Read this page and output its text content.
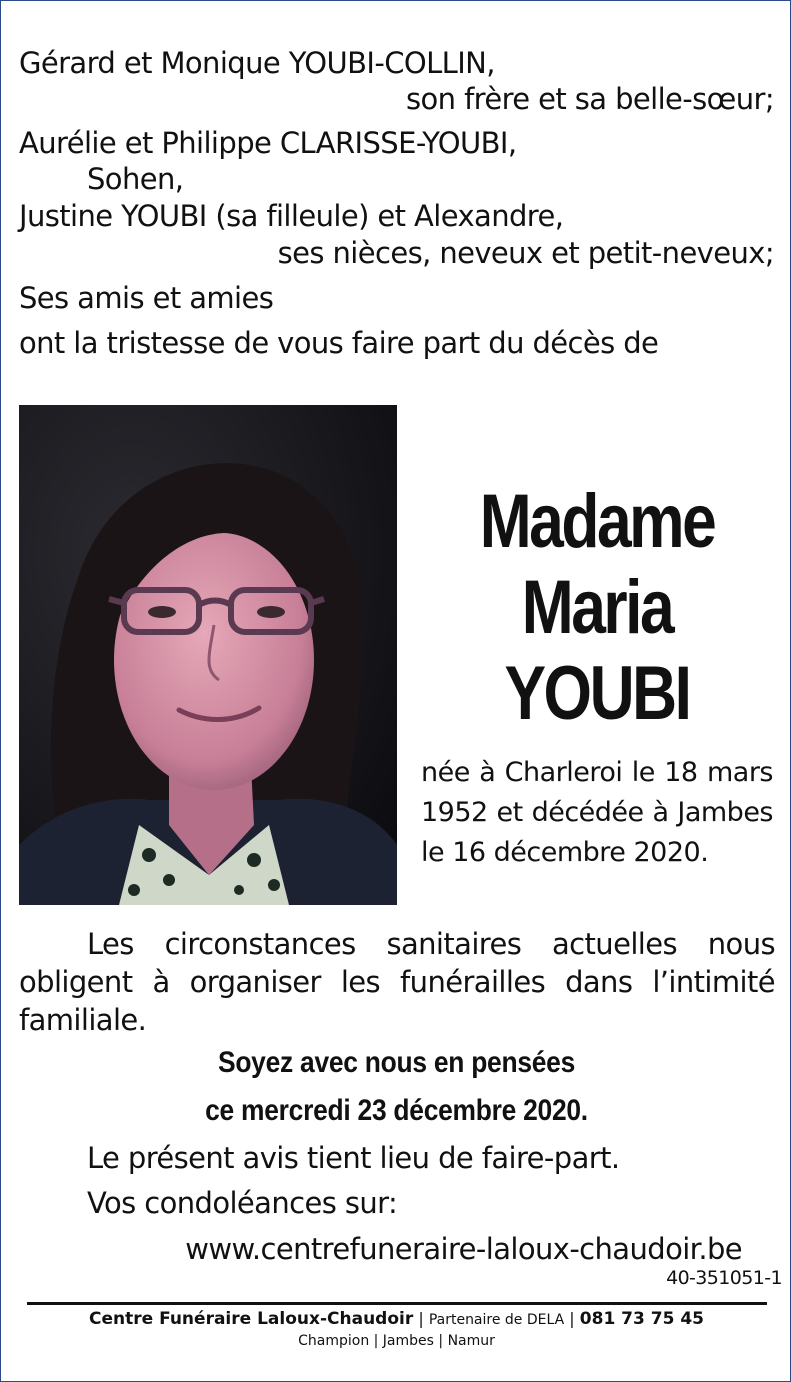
Gérard et Monique YOUBI-COLLIN,
son frère et sa belle-sœur;
Aurélie et Philippe CLARISSE-YOUBI,
Sohen,
Justine YOUBI (sa filleule) et Alexandre,
ses nièces, neveux et petit-neveux;
Ses amis et amies
ont la tristesse de vous faire part du décès de
Madame
Maria
YOUBI
née à Charleroi le 18 mars 1952 et décédée à Jambes le 16 décembre 2020.
Les circonstances sanitaires actuelles nous obligent à organiser les funérailles dans l’intimité familiale.
Soyez avec nous en pensées
ce mercredi 23 décembre 2020.
Le présent avis tient lieu de faire-part.
Vos condoléances sur:
www.centrefuneraire-laloux-chaudoir.be
40-351051-1
Centre Funéraire Laloux-Chaudoir | Partenaire de DELA | 081 73 75 45
Champion | Jambes | Namur
